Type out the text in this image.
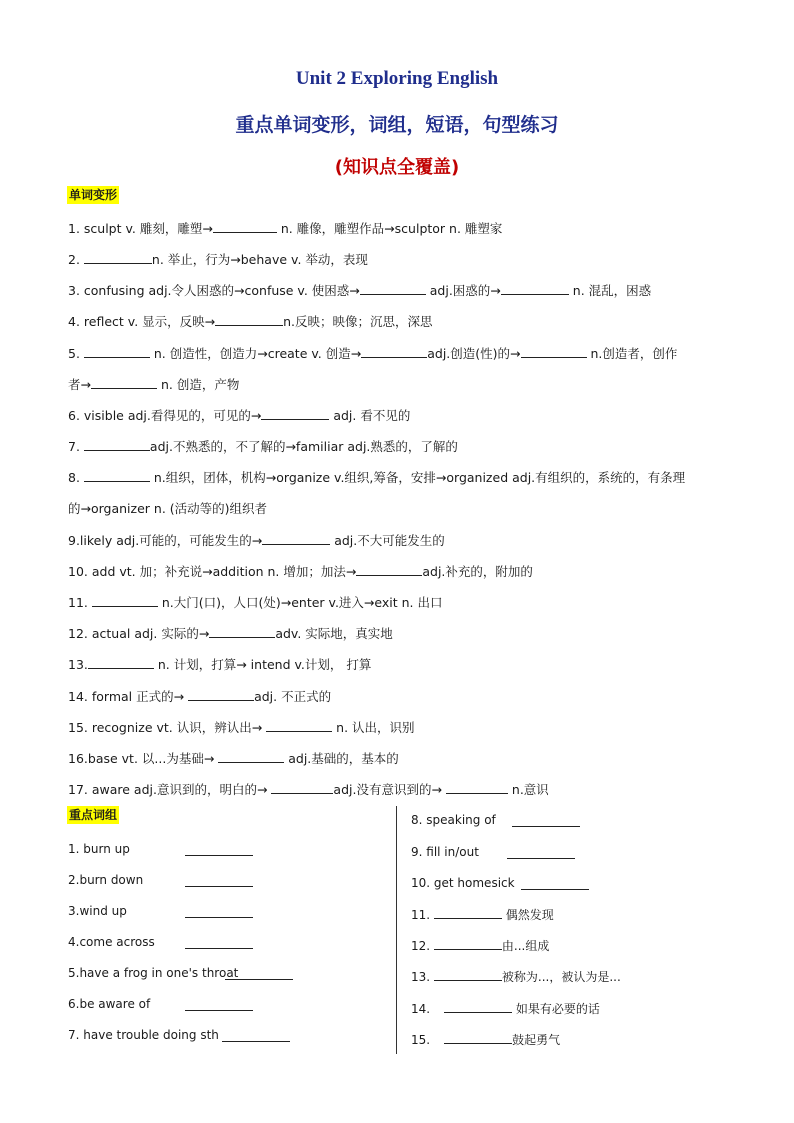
Unit 2 Exploring English
重点单词变形，词组，短语，句型练习
(知识点全覆盖)
单词变形
1. sculpt v. 雕刻，雕塑→	n. 雕像，雕塑作品→sculptor n. 雕塑家
2.	n. 举止，行为→behave v. 举动，表现
3. confusing adj.令人困惑的→confuse v. 使困惑→	adj.困惑的→	n. 混乱，困惑
4. reflect v. 显示，反映→	n.反映；映像；沉思，深思
5.	n. 创造性，创造力→create v. 创造→	adj.创造(性)的→	n.创造者，创作
者→	n. 创造，产物
6. visible adj.看得见的，可见的→	adj. 看不见的
7.	adj.不熟悉的，不了解的→familiar adj.熟悉的，了解的
8.	n.组织，团体，机构→organize v.组织,筹备，安排→organized adj.有组织的，系统的，有条理
的→organizer n. (活动等的)组织者
9.likely adj.可能的，可能发生的→	adj.不大可能发生的
10. add vt. 加；补充说→addition n. 增加；加法→	adj.补充的，附加的
11.	n.大门(口)，人口(处)→enter v.进入→exit n. 出口
12. actual adj. 实际的→	adv. 实际地，真实地
13.	n. 计划，打算→ intend v.计划， 打算
14. formal 正式的→	adj. 不正式的
15. recognize vt. 认识，辨认出→	n. 认出，识别
16.base vt. 以...为基础→	adj.基础的，基本的
17. aware adj.意识到的，明白的→	adj.没有意识到的→	n.意识
重点词组
1. burn up
2.burn down
3.wind up
4.come across
5.have a frog in one's throat
6.be aware of
7. have trouble doing sth
8. speaking of
9. fill in/out
10. get homesick
11.	偶然发现
12.	由...组成
13.	被称为...，被认为是...
14.	如果有必要的话
15.	鼓起勇气
